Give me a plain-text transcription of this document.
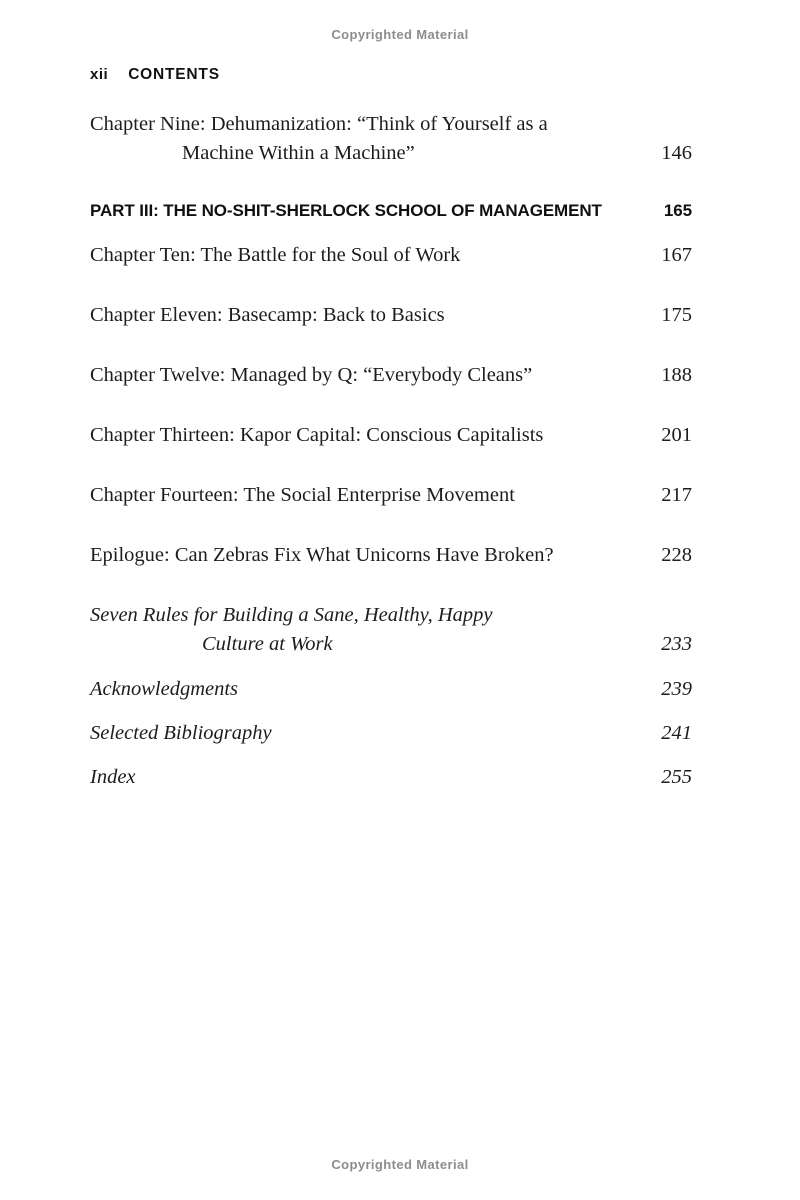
Copyrighted Material
xii CONTENTS
Chapter Nine: Dehumanization: “Think of Yourself as a
Machine Within a Machine”	146
PART III: THE NO-SHIT-SHERLOCK SCHOOL OF MANAGEMENT	165
Chapter Ten: The Battle for the Soul of Work	167
Chapter Eleven: Basecamp: Back to Basics	175
Chapter Twelve: Managed by Q: “Everybody Cleans”	188
Chapter Thirteen: Kapor Capital: Conscious Capitalists	201
Chapter Fourteen: The Social Enterprise Movement	217
Epilogue: Can Zebras Fix What Unicorns Have Broken?	228
Seven Rules for Building a Sane, Healthy, Happy
Culture at Work	233
Acknowledgments	239
Selected Bibliography	241
Index	255
Copyrighted Material
